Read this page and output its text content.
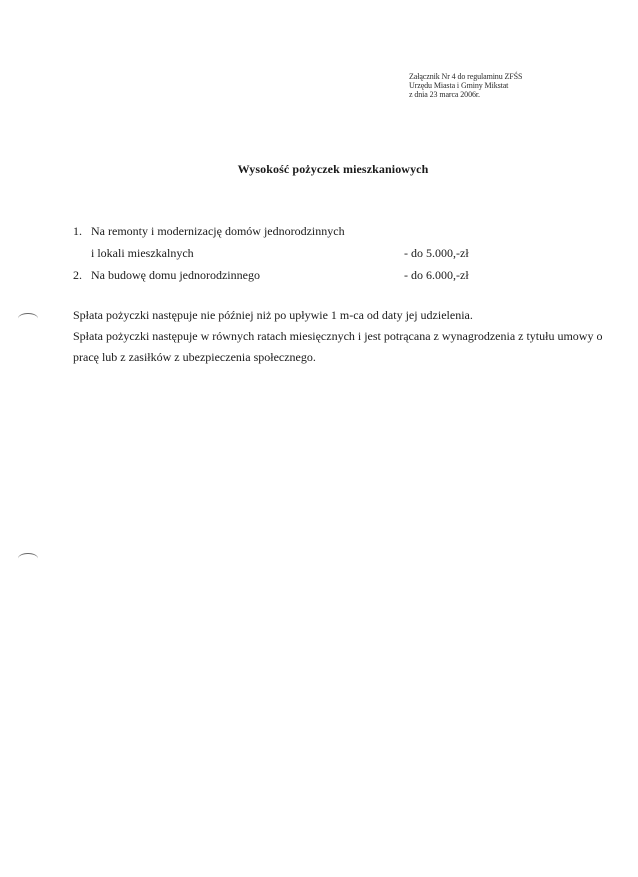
Załącznik Nr 4 do regulaminu ZFŚS
Urzędu Miasta i Gminy Mikstat
z dnia 23 marca 2006r.
Wysokość pożyczek mieszkaniowych
1. Na remonty i modernizację domów jednorodzinnych
i lokali mieszkalnych	- do 5.000,-zł
2. Na budowę domu jednorodzinnego	- do 6.000,-zł
Spłata pożyczki następuje nie później niż po upływie 1 m-ca od daty jej udzielenia.
Spłata pożyczki następuje w równych ratach miesięcznych i jest potrącana z wynagrodzenia z tytułu umowy o pracę lub z zasiłków z ubezpieczenia społecznego.
